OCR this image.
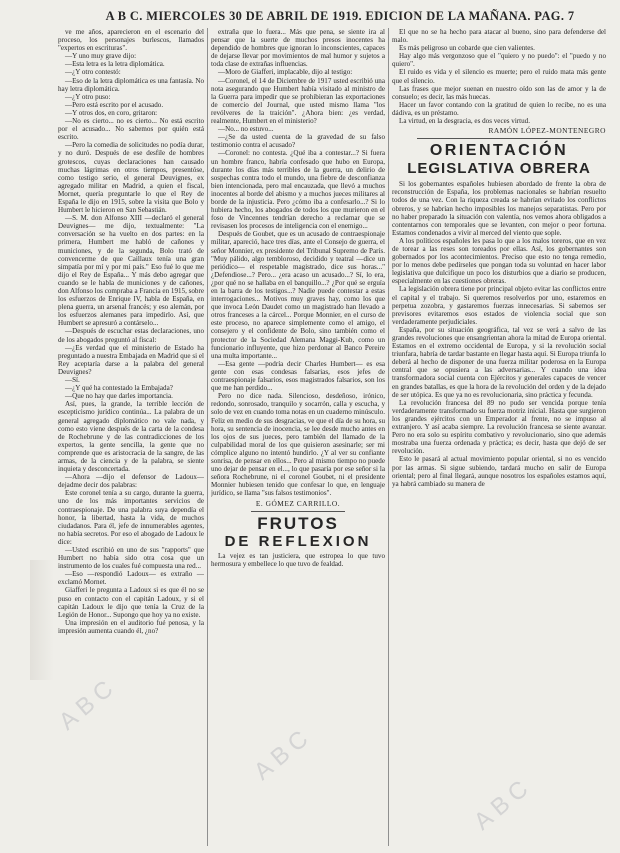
ABC
ABC
ABC
A B C. MIERCOLES 30 DE ABRIL DE 1919. EDICION DE LA MAÑANA. PAG. 7

ve me años, aparecieron en el escenario del proceso, los personajes burlescos, llamados "expertos en escrituras".

—Y uno muy grave dijo:

—Esta letra es la letra diplomática.

—¿Y otro contestó:

—Eso de la letra diplomática es una fantasía. No hay letra diplomática.

—¿Y otro puso:

—Pero está escrito por el acusado.

—Y otros dos, en coro, gritaron:

—No es cierto... no es cierto... No está escrito por el acusado... No sabemos por quién está escrito.

—Pero la comedia de solicitudes no podía durar, y no duró. Después de ese desfile de hombres grotescos, cuyas declaraciones han causado muchas lágrimas en otros tiempos, presentóse, como testigo serio, el general Deuvignes, ex agregado militar en Madrid, a quien el fiscal, Mornet, quería preguntarle lo que el Rey de España le dijo en 1915, sobre la visita que Bolo y Humbert le hicieron en San Sebastián.

—S. M. don Alfonso XIII —declaró el general Deuvignes— me dijo, textualmente: "La conversación se ha vuelto en dos partes: en la primera, Humbert me habló de cañones y municiones, y de la segunda, Bolo trató de convencerme de que Caillaux tenía una gran simpatía por mí y por mi país." Eso fué lo que me dijo el Rey de España... Y más debo agregar que cuando se le habla de municiones y de cañones, don Alfonso los compraba a Francia en 1915, sobre los esfuerzos de Enrique IV, habla de España, en plena guerra, un arsenal francés; y eso alemán, por los esfuerzos alemanes para impedirlo. Así, que Humbert se apresuró a contárselo...

—Después de escuchar estas declaraciones, uno de los abogados preguntó al fiscal:

—¿Es verdad que el ministerio de Estado ha preguntado a nuestra Embajada en Madrid que si el Rey aceptaría darse a la palabra del general Deuvignes?

—Sí.

—¿Y qué ha contestado la Embajada?

—Que no hay que darles importancia.

Así, pues, la grande, la terrible lección de escepticismo jurídico continúa... La palabra de un general agregado diplomático no vale nada, y como esto viene después de la carta de la condesa de Rochebrune y de las contradicciones de los expertos, la gente sencilla, la gente que no comprende que es aristocracia de la sangre, de las armas, de la ciencia y de la palabra, se siente inquieta y desconcertada.

—Ahora —dijo el defensor de Ladoux— dejadme decir dos palabras:

Este coronel tenía a su cargo, durante la guerra, uno de los más importantes servicios de contraespionaje. De una palabra suya dependía el honor, la libertad, hasta la vida, de muchos ciudadanos. Para él, jefe de innumerables agentes, no había secretos. Por eso el abogado de Ladoux le dice:

—Usted escribió en uno de sus "rapports" que Humbert no había sido otra cosa que un instrumento de los cuales fué compuesta una red...

—Eso —respondió Ladoux— es extraño —exclamó Mornet.

Giafferi le pregunta a Ladoux si es que él no se puso en contacto con el capitán Ladoux, y si el capitán Ladoux le dijo que tenía la Cruz de la Legión de Honor... Supongo que hoy ya no existe.

Una impresión en el auditorio fué penosa, y la impresión aumenta cuando él, ¿no?

extraña que lo fuera... Más que pena, se siente ira al pensar que la suerte de muchos presos inocentes ha dependido de hombres que ignoran lo inconscientes, capaces de dejarse llevar por movimientos de mal humor y sujetos a toda clase de extrañas influencias.

—Moro de Giafferi, implacable, dijo al testigo:

—Coronel, el 14 de Diciembre de 1917 usted escribió una nota asegurando que Humbert había visitado al ministro de la Guerra para impedir que se prohibieran las exportaciones de comercio del Journal, que usted mismo llama "los revólveres de la traición". ¿Ahora bien: ¿es verdad, realmente, Humbert en el ministerio?

—No... no estuvo...

—¿Se da usted cuenta de la gravedad de su falso testimonio contra el acusado?

—Coronel: no contesta. ¿Qué iba a contestar...? Si fuera un hombre franco, habría confesado que hubo en Europa, durante los días más terribles de la guerra, un delirio de sospechas contra todo el mundo, una fiebre de desconfianza bien intencionada, pero mal encauzada, que llevó a muchos inocentes al borde del abismo y a muchos jueces militares al borde de la injusticia. Pero ¿cómo iba a confesarlo...? Si lo hubiera hecho, los abogados de todos los que murieron en el foso de Vincennes tendrían derecho a reclamar que se revisasen los procesos de inteligencia con el enemigo...

Después de Goubet, que es un acusado de contraespionaje militar, apareció, hace tres días, ante el Consejo de guerra, el señor Monnier, ex presidente del Tribunal Supremo de París. "Muy pálido, algo tembloroso, decidido y teatral —dice un periódico— el respetable magistrado, dice sus horas..." ¿Defendiose...? Pero... ¿era acaso un acusado...? Sí, lo era, ¿por qué no se hallaba en el banquillo...? ¿Por qué se erguía en la barra de los testigos...? Nadie puede contestar a estas interrogaciones... Motivos muy graves hay, como los que que invoca León Daudet como un magistrado han llevado a otros franceses a la cárcel... Porque Monnier, en el curso de este proceso, no aparece simplemente como el amigo, el consejero y el confidente de Bolo, sino también como el protector de la Sociedad Alemana Maggi-Kub, como un funcionario influyente, que hizo perdonar al Banco Pereire una multa importante...

—Esa gente —podría decir Charles Humbert— es esa gente con esas condesas falsarias, esos jefes de contraespionaje falsarios, esos magistrados falsarios, son los que me han perdido...

Pero no dice nada. Silencioso, desdeñoso, irónico, redondo, sonrosado, tranquilo y socarrón, calla y escucha, y solo de vez en cuando toma notas en un cuaderno minúsculo. Feliz en medio de sus desgracias, ve que el día de su hora, su hora, su sentencia de inocencia, se lee desde mucho antes en los ojos de sus jueces, pero también del llamado de la culpabilidad moral de los que quisieron asesinarle; ser mi cómplice alguno no intentó hundirlo. ¿Y al ver su confiante sonrisa, de pensar en ellos... Pero al mismo tiempo no puede uno dejar de pensar en el..., lo que pasaría por ese señor si la señora Rochebrune, ni el coronel Goubet, ni el presidente Monnier hubiesen tenido que confesar lo que, en lenguaje jurídico, se llama "sus falsos testimonios".

E. GÓMEZ CARRILLO.
FRUTOS
DE REFLEXION

La vejez es tan justiciera, que estropea lo que tuvo hermosura y embellece lo que tuvo de fealdad.

El que no se ha hecho para atacar al bueno, sino para defenderse del malo.

Es más peligroso un cobarde que cien valientes.

Hay algo más vergonzoso que el "quiero y no puedo": el "puedo y no quiero".

El ruido es vida y el silencio es muerte; pero el ruido mata más gente que el silencio.

Las frases que mejor suenan en nuestro oído son las de amor y la de consuelo; es decir, las más huecas.

Hacer un favor contando con la gratitud de quien lo recibe, no es una dádiva, es un préstamo.

La virtud, en la desgracia, es dos veces virtud.

RAMÓN LÓPEZ-MONTENEGRO
ORIENTACIÓN
LEGISLATIVA OBRERA

Si los gobernantes españoles hubiesen abordado de frente la obra de reconstrucción de España, los problemas nacionales se habrían resuelto todos de una vez. Con la riqueza creada se habrían evitado los conflictos obreros, y se habrían hecho imposibles los manejos separatistas. Pero por no haber preparado la situación con valentía, nos vemos ahora obligados a contentarnos con temporales que se levanten, con mejor o peor fortuna. Estamos condenados a vivir al merced del viento que sople.

A los políticos españoles les pasa lo que a los malos toreros, que en vez de torear a las reses son toreados por ellas. Así, los gobernantes son gobernados por los acontecimientos. Preciso que esto no tenga remedio, por lo menos debe pedírseles que pongan toda su voluntad en hacer labor legislativa que dulcifique un poco los disturbios que a diario se producen, especialmente en las cuestiones obreras.

La legislación obrera tiene por principal objeto evitar las conflictos entre el capital y el trabajo. Si queremos resolverlos por uno, estaremos en perpetua zozobra, y gastaremos fuerzas innecesarias. Si sabemos ser previsores evitaremos esos estados de violencia social que son verdaderamente perjudiciales.

España, por su situación geográfica, tal vez se verá a salvo de las grandes revoluciones que ensangrientan ahora la mitad de Europa oriental. Estamos en el extremo occidental de Europa, y si la revolución social triunfara, habría de tardar bastante en llegar hasta aquí. Si Europa triunfa lo deberá al hecho de disponer de una fuerza militar poderosa en la Europa central que se opusiera a las adversarias... Y cuando una idea transformadora social cuenta con Ejércitos y generales capaces de vencer en grandes batallas, es que la hora de la revolución del orden y de la dejado de ser utópica. Es que ya no es revolucionaria, sino práctica y fecunda.

La revolución francesa del 89 no pudo ser vencida porque tenía verdaderamente transformado su fuerza motriz inicial. Hasta que surgieron los grandes ejércitos con un Emperador al frente, no se impuso al extranjero. Y así acaba siempre. La revolución francesa se siente avanzar. Pero no era solo su espíritu combativo y revolucionario, sino que además mostraba una fuerza ordenada y práctica; es decir, hasta que dejó de ser revolución.

Esto le pasará al actual movimiento popular oriental, si no es vencido por las armas. Si sigue subiendo, tardará mucho en salir de Europa oriental; pero al final llegará, aunque nosotros los españoles estamos aquí, ya habrá cambiado su manera de
